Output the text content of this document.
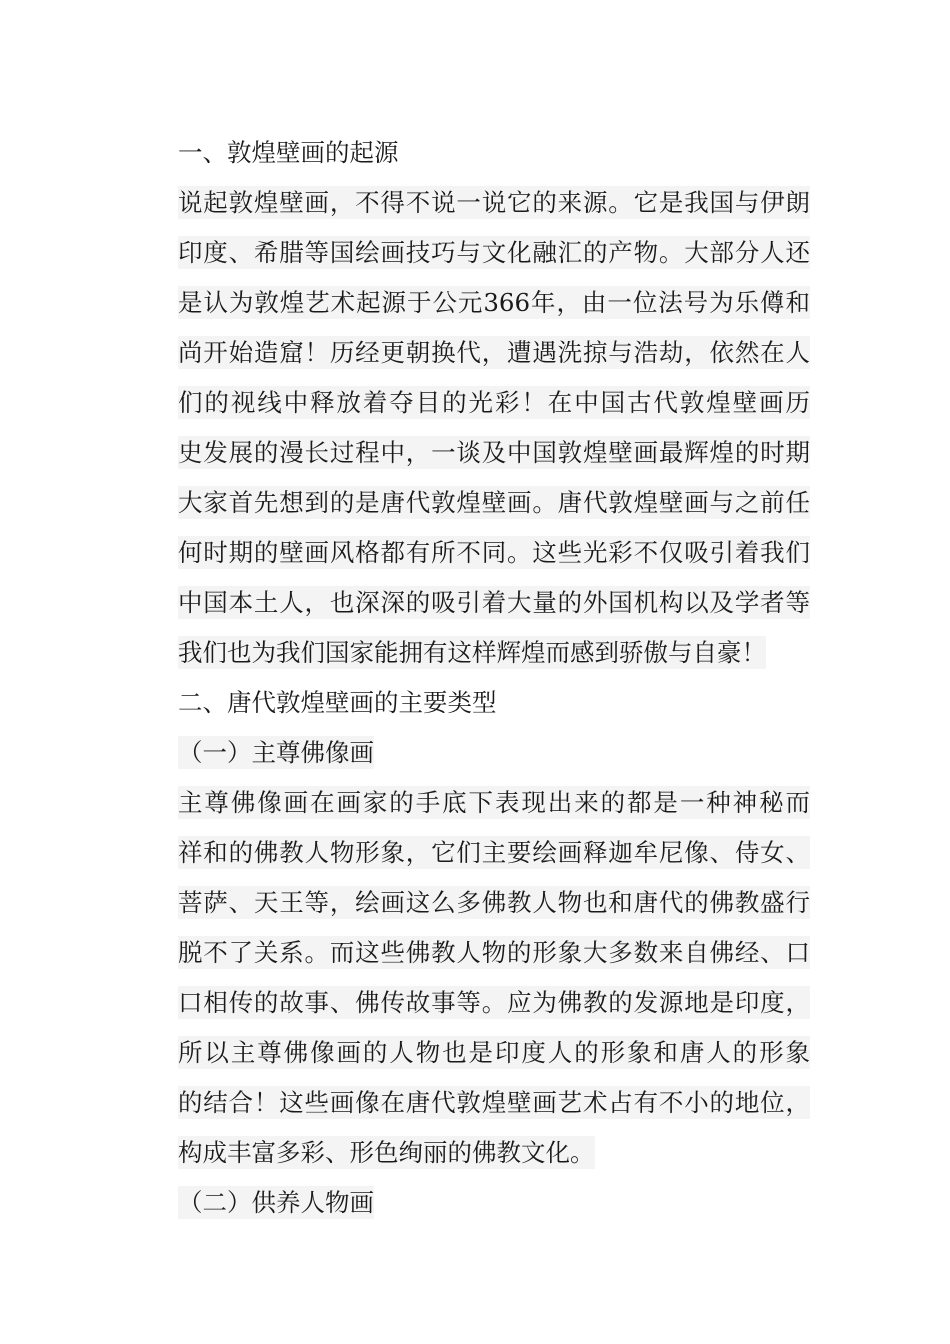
一、敦煌壁画的起源
说起敦煌壁画，不得不说一说它的来源。它是我国与伊朗
印度、希腊等国绘画技巧与文化融汇的产物。大部分人还
是认为敦煌艺术起源于公元366年，由一位法号为乐僔和
尚开始造窟！历经更朝换代，遭遇洗掠与浩劫，依然在人
们的视线中释放着夺目的光彩！在中国古代敦煌壁画历
史发展的漫长过程中，一谈及中国敦煌壁画最辉煌的时期
大家首先想到的是唐代敦煌壁画。唐代敦煌壁画与之前任
何时期的壁画风格都有所不同。这些光彩不仅吸引着我们
中国本土人，也深深的吸引着大量的外国机构以及学者等
我们也为我们国家能拥有这样辉煌而感到骄傲与自豪！
二、唐代敦煌壁画的主要类型
（一）主尊佛像画
主尊佛像画在画家的手底下表现出来的都是一种神秘而
祥和的佛教人物形象，它们主要绘画释迦牟尼像、侍女、
菩萨、天王等，绘画这么多佛教人物也和唐代的佛教盛行
脱不了关系。而这些佛教人物的形象大多数来自佛经、口
口相传的故事、佛传故事等。应为佛教的发源地是印度，
所以主尊佛像画的人物也是印度人的形象和唐人的形象
的结合！这些画像在唐代敦煌壁画艺术占有不小的地位，
构成丰富多彩、形色绚丽的佛教文化。
（二）供养人物画
